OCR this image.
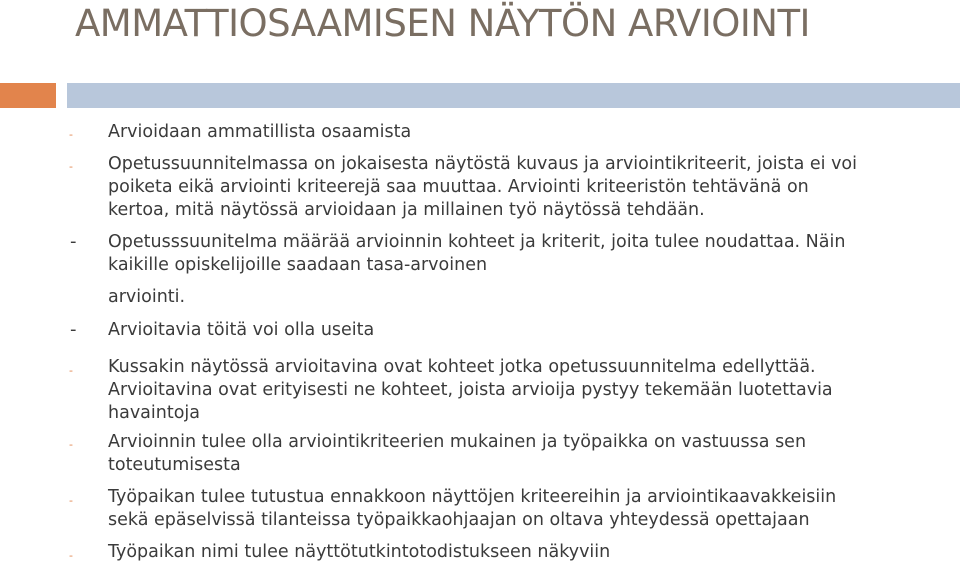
AMMATTIOSAAMISEN NÄYTÖN ARVIOINTI
- Arvioidaan ammatillista osaamista
- Opetussuunnitelmassa on jokaisesta näytöstä kuvaus ja arviointikriteerit, joista ei voi
poiketa eikä arviointi kriteerejä saa muuttaa. Arviointi kriteeristön tehtävänä on
kertoa, mitä näytössä arvioidaan ja millainen työ näytössä tehdään.
- Opetusssuunitelma määrää arvioinnin kohteet ja kriterit, joita tulee noudattaa. Näin
kaikille opiskelijoille saadaan tasa-arvoinen
arviointi.
- Arvioitavia töitä voi olla useita
- Kussakin näytössä arvioitavina ovat kohteet jotka opetussuunnitelma edellyttää.
Arvioitavina ovat erityisesti ne kohteet, joista arvioija pystyy tekemään luotettavia
havaintoja
- Arvioinnin tulee olla arviointikriteerien mukainen ja työpaikka on vastuussa sen
toteutumisesta
- Työpaikan tulee tutustua ennakkoon näyttöjen kriteereihin ja arviointikaavakkeisiin
sekä epäselvissä tilanteissa työpaikkaohjaajan on oltava yhteydessä opettajaan
- Työpaikan nimi tulee näyttötutkintotodistukseen näkyviin
